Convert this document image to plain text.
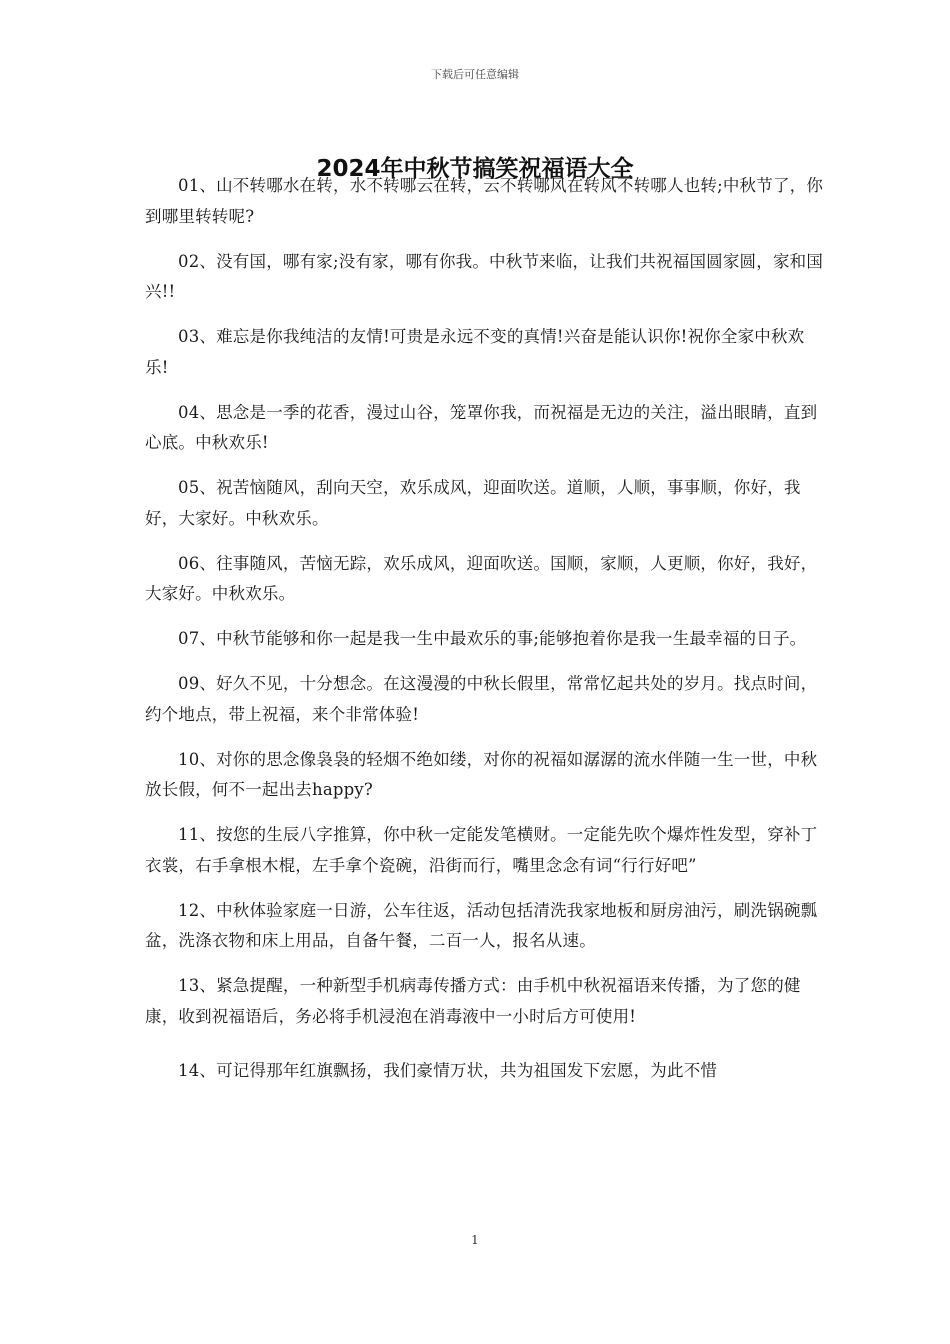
下载后可任意编辑
2024年中秋节搞笑祝福语大全

01、山不转哪水在转，水不转哪云在转，云不转哪风在转风不转哪人也转;中秋节了，你到哪里转转呢?

02、没有国，哪有家;没有家，哪有你我。中秋节来临，让我们共祝福国圆家圆，家和国兴!!

03、难忘是你我纯洁的友情!可贵是永远不变的真情!兴奋是能认识你!祝你全家中秋欢乐!

04、思念是一季的花香，漫过山谷，笼罩你我，而祝福是无边的关注，溢出眼睛，直到心底。中秋欢乐!

05、祝苦恼随风，刮向天空，欢乐成风，迎面吹送。道顺，人顺，事事顺，你好，我好，大家好。中秋欢乐。

06、往事随风，苦恼无踪，欢乐成风，迎面吹送。国顺，家顺，人更顺，你好，我好，大家好。中秋欢乐。

07、中秋节能够和你一起是我一生中最欢乐的事;能够抱着你是我一生最幸福的日子。

09、好久不见，十分想念。在这漫漫的中秋长假里，常常忆起共处的岁月。找点时间，约个地点，带上祝福，来个非常体验!

10、对你的思念像袅袅的轻烟不绝如缕，对你的祝福如潺潺的流水伴随一生一世，中秋放长假，何不一起出去happy?

11、按您的生辰八字推算，你中秋一定能发笔横财。一定能先吹个爆炸性发型，穿补丁衣裳，右手拿根木棍，左手拿个瓷碗，沿街而行，嘴里念念有词“行行好吧”

12、中秋体验家庭一日游，公车往返，活动包括清洗我家地板和厨房油污，刷洗锅碗瓢盆，洗涤衣物和床上用品，自备午餐，二百一人，报名从速。

13、紧急提醒，一种新型手机病毒传播方式：由手机中秋祝福语来传播，为了您的健康，收到祝福语后，务必将手机浸泡在消毒液中一小时后方可使用!

14、可记得那年红旗飘扬，我们豪情万状，共为祖国发下宏愿，为此不惜

1
